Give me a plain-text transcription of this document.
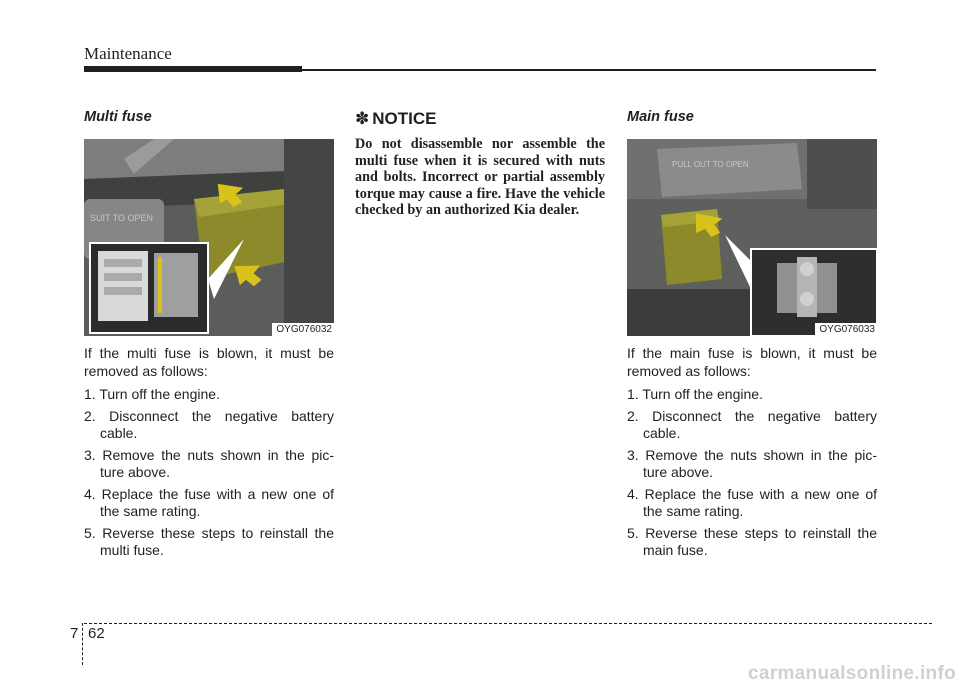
Maintenance
Multi fuse
SUIT TO OPEN
OYG076032

If the multi fuse is blown, it must be removed as follows:

1. Turn off the engine.
2. Disconnect the negative battery cable.
3. Remove the nuts shown in the pic- ture above.
4. Replace the fuse with a new one of the same rating.
5. Reverse these steps to reinstall the multi fuse.
✽ NOTICE

Do not disassemble nor assemble the multi fuse when it is secured with nuts and bolts. Incorrect or partial assembly torque may cause a fire. Have the vehicle checked by an authorized Kia dealer.

Main fuse
PULL OUT TO OPEN
OYG076033

If the main fuse is blown, it must be removed as follows:

1. Turn off the engine.
2. Disconnect the negative battery cable.
3. Remove the nuts shown in the pic- ture above.
4. Replace the fuse with a new one of the same rating.
5. Reverse these steps to reinstall the main fuse.
7 62
carmanualsonline.info
